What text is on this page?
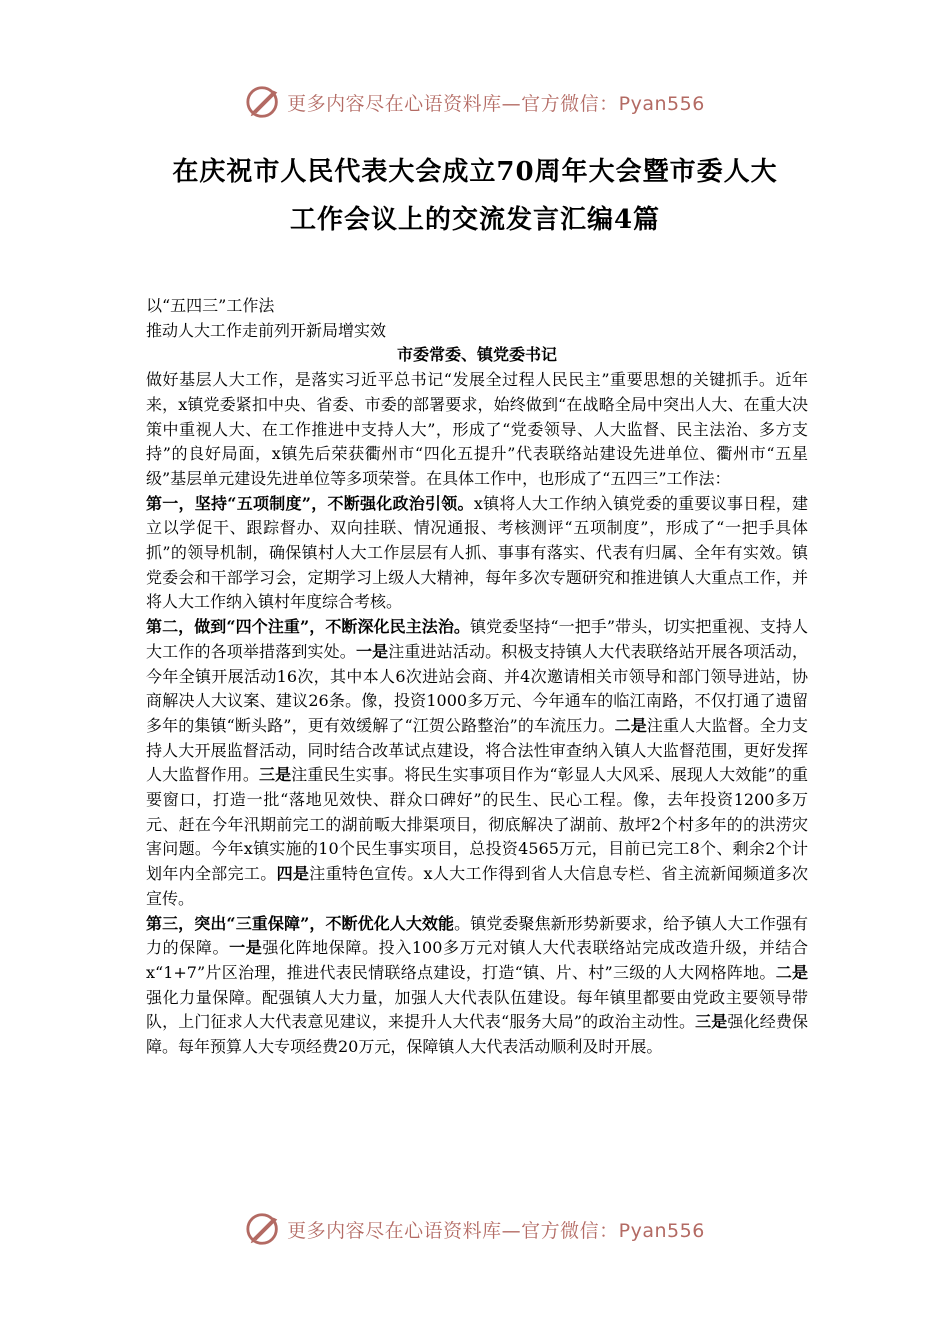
更多内容尽在心语资料库—官方微信：Pyan556
在庆祝市人民代表大会成立70周年大会暨市委人大
工作会议上的交流发言汇编4篇

以“五四三”工作法

推动人大工作走前列开新局增实效

市委常委、镇党委书记

做好基层人大工作，是落实习近平总书记“发展全过程人民民主”重要思想的关键抓手。近年来，x镇党委紧扣中央、省委、市委的部署要求，始终做到“在战略全局中突出人大、在重大决策中重视人大、在工作推进中支持人大”，形成了“党委领导、人大监督、民主法治、多方支持”的良好局面，x镇先后荣获衢州市“四化五提升”代表联络站建设先进单位、衢州市“五星级”基层单元建设先进单位等多项荣誉。在具体工作中，也形成了“五四三”工作法：

第一，坚持“五项制度”，不断强化政治引领。x镇将人大工作纳入镇党委的重要议事日程，建立以学促干、跟踪督办、双向挂联、情况通报、考核测评“五项制度”，形成了“一把手具体抓”的领导机制，确保镇村人大工作层层有人抓、事事有落实、代表有归属、全年有实效。镇党委会和干部学习会，定期学习上级人大精神，每年多次专题研究和推进镇人大重点工作，并将人大工作纳入镇村年度综合考核。

第二，做到“四个注重”，不断深化民主法治。镇党委坚持“一把手”带头，切实把重视、支持人大工作的各项举措落到实处。一是注重进站活动。积极支持镇人大代表联络站开展各项活动，今年全镇开展活动16次，其中本人6次进站会商、并4次邀请相关市领导和部门领导进站，协商解决人大议案、建议26条。像，投资1000多万元、今年通车的临江南路，不仅打通了遗留多年的集镇“断头路”，更有效缓解了“江贺公路整治”的车流压力。二是注重人大监督。全力支持人大开展监督活动，同时结合改革试点建设，将合法性审查纳入镇人大监督范围，更好发挥人大监督作用。三是注重民生实事。将民生实事项目作为“彰显人大风采、展现人大效能”的重要窗口，打造一批“落地见效快、群众口碑好”的民生、民心工程。像，去年投资1200多万元、赶在今年汛期前完工的湖前畈大排渠项目，彻底解决了湖前、敖坪2个村多年的的洪涝灾害问题。今年x镇实施的10个民生事实项目，总投资4565万元，目前已完工8个、剩余2个计划年内全部完工。四是注重特色宣传。x人大工作得到省人大信息专栏、省主流新闻频道多次宣传。

第三，突出“三重保障”，不断优化人大效能。镇党委聚焦新形势新要求，给予镇人大工作强有力的保障。一是强化阵地保障。投入100多万元对镇人大代表联络站完成改造升级，并结合x“1+7”片区治理，推进代表民情联络点建设，打造“镇、片、村”三级的人大网格阵地。二是强化力量保障。配强镇人大力量，加强人大代表队伍建设。每年镇里都要由党政主要领导带队，上门征求人大代表意见建议，来提升人大代表“服务大局”的政治主动性。三是强化经费保障。每年预算人大专项经费20万元，保障镇人大代表活动顺利及时开展。

更多内容尽在心语资料库—官方微信：Pyan556
